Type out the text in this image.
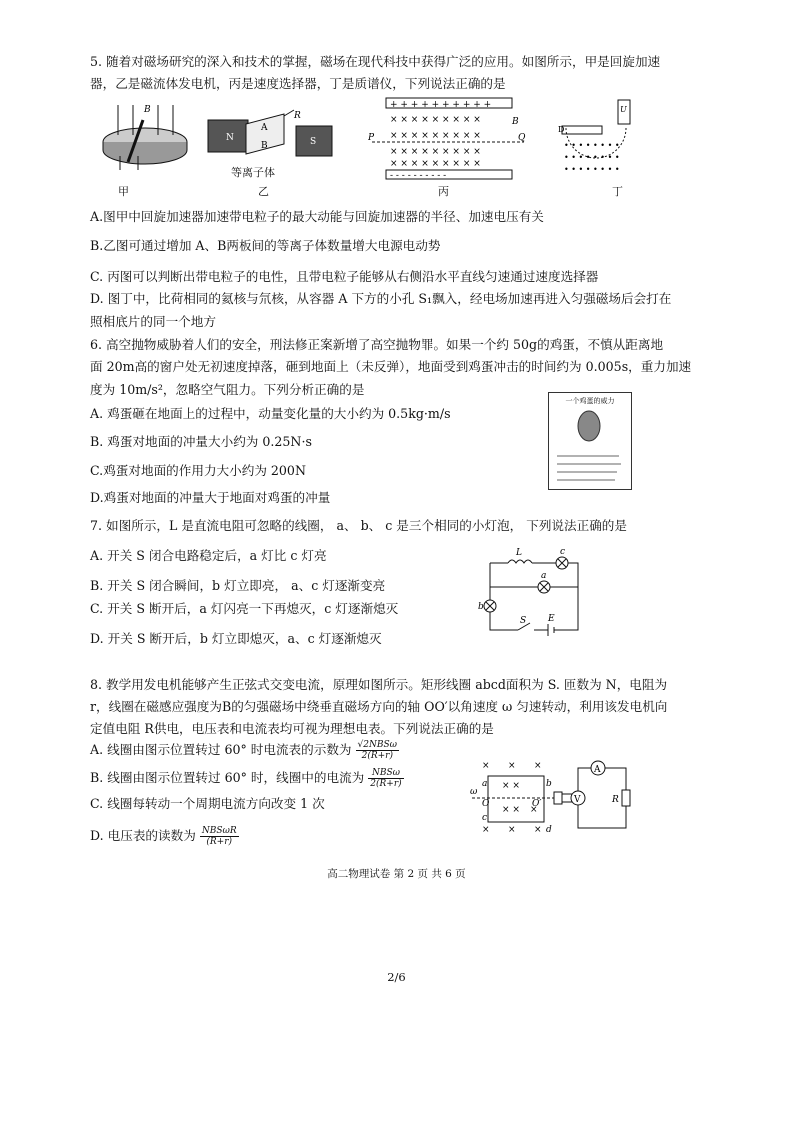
5. 随着对磁场研究的深入和技术的掌握，磁场在现代科技中获得广泛的应用。如图所示，甲是回旋加速
器，乙是磁流体发电机，丙是速度选择器，丁是质谱仪，下列说法正确的是
B
甲
N
A
B
R
S
等离子体
乙
+ + + + + + + + + +
- - - - - - - - - -
× × × × × × × × ×
× × × × × × × × ×
× × × × × × × × ×
× × × × × × × × ×
P	Q
B
丙
U
D
• • • • • • • •
• • • • • • • •
• • • • • • • •
丁
A.图甲中回旋加速器加速带电粒子的最大动能与回旋加速器的半径、加速电压有关
B.乙图可通过增加 A、B两板间的等离子体数量增大电源电动势
C. 丙图可以判断出带电粒子的电性，且带电粒子能够从右侧沿水平直线匀速通过速度选择器
D. 图丁中，比荷相同的氦核与氘核，从容器 A 下方的小孔 S₁飘入，经电场加速再进入匀强磁场后会打在
照相底片的同一个地方
6. 高空抛物威胁着人们的安全，刑法修正案新增了高空抛物罪。如果一个约 50g的鸡蛋，不慎从距离地
面 20m高的窗户处无初速度掉落，砸到地面上（未反弹），地面受到鸡蛋冲击的时间约为 0.005s，重力加速
度为 10m/s²，忽略空气阻力。下列分析正确的是
A. 鸡蛋砸在地面上的过程中，动量变化量的大小约为 0.5kg·m/s
B. 鸡蛋对地面的冲量大小约为 0.25N·s
C.鸡蛋对地面的作用力大小约为 200N
D.鸡蛋对地面的冲量大于地面对鸡蛋的冲量
一个鸡蛋的威力

7. 如图所示，L 是直流电阻可忽略的线圈， a、 b、 c 是三个相同的小灯泡， 下列说法正确的是
A. 开关 S 闭合电路稳定后，a 灯比 c 灯亮
B. 开关 S 闭合瞬间，b 灯立即亮， a、c 灯逐渐变亮
C. 开关 S 断开后，a 灯闪亮一下再熄灭，c 灯逐渐熄灭
D. 开关 S 断开后，b 灯立即熄灭，a、c 灯逐渐熄灭
L	c
a
b
S E
8. 教学用发电机能够产生正弦式交变电流，原理如图所示。矩形线圈 abcd面积为 S. 匝数为 N，电阻为
r，线圈在磁感应强度为B的匀强磁场中绕垂直磁场方向的轴 OO′以角速度 ω 匀速转动，利用该发电机向
定值电阻 R供电，电压表和电流表均可视为理想电表。下列说法正确的是
A. 线圈由图示位置转过 60° 时电流表的示数为 $\frac{\text{√2NBSω}}{2(R+r)}$
B. 线圈由图示位置转过 60° 时，线圈中的电流为 $\frac{\text{NBSω}}{2(R+r)}$
C. 线圈每转动一个周期电流方向改变 1 次
D. 电压表的读数为 $\frac{\text{NBSωR}}{(R+r)}$
× × ×
× × ×
× ×
× × ×
a	b
c
d
O	O′
ω
A
V	R
高二物理试卷 第 2 页 共 6 页
2/6
